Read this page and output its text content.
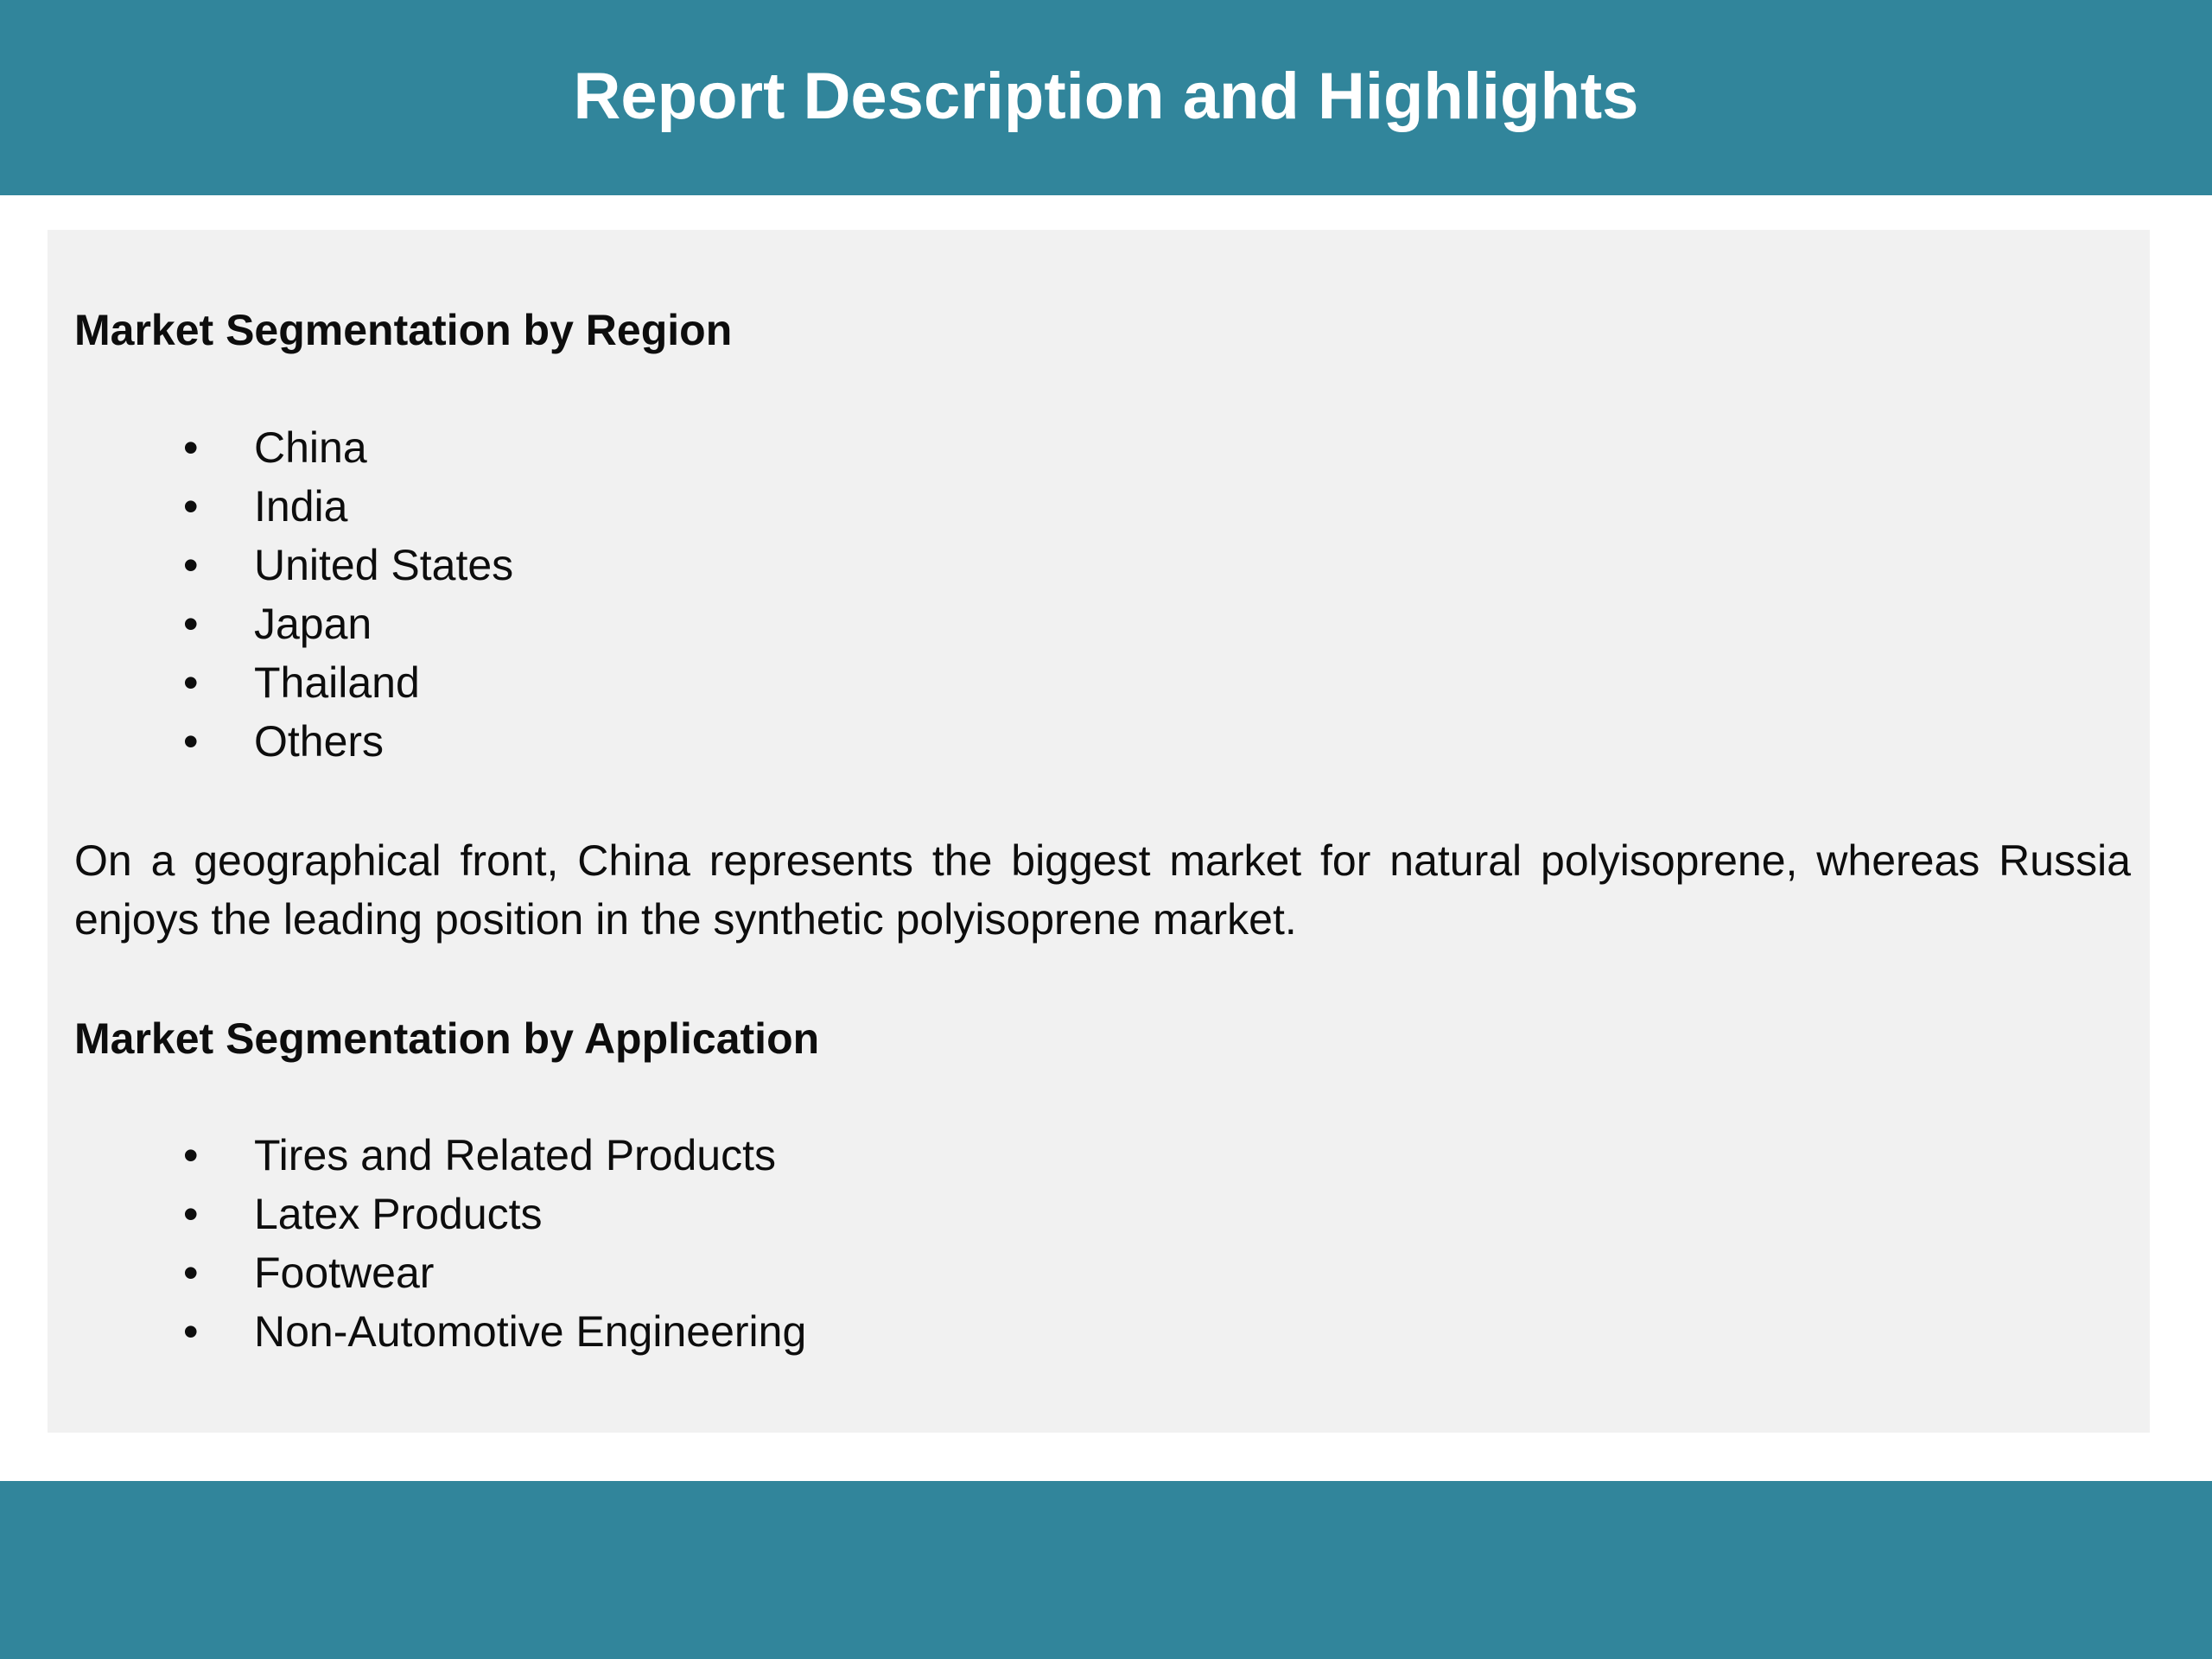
Report Description and Highlights
Market Segmentation by Region
• China
• India
• United States
• Japan
• Thailand
• Others

On a geographical front, China represents the biggest market for natural polyisoprene, whereas Russia enjoys the leading position in the synthetic polyisoprene market.

Market Segmentation by Application
• Tires and Related Products
• Latex Products
• Footwear
• Non-Automotive Engineering
